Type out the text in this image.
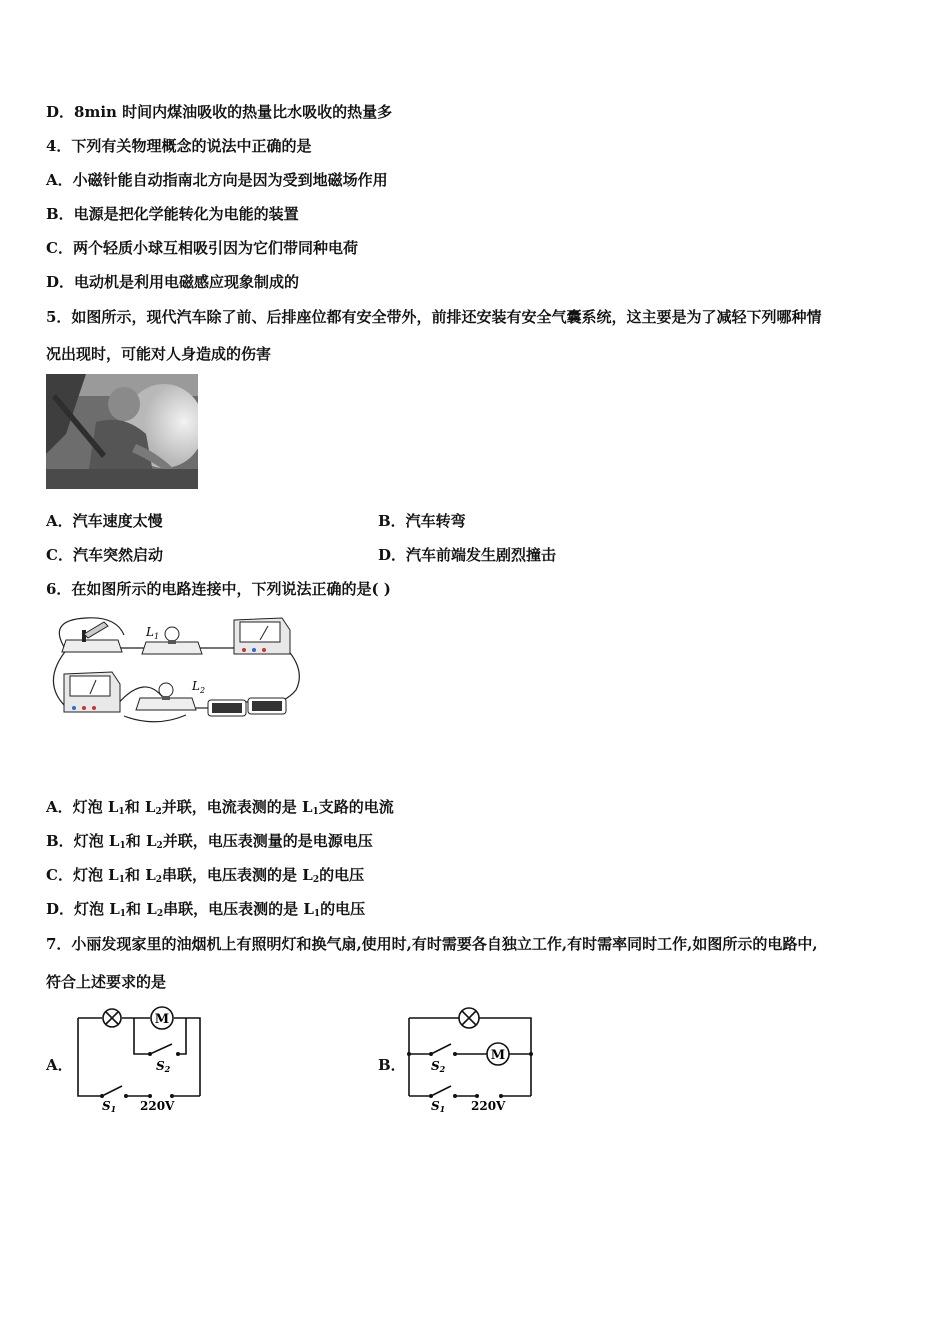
D．8min 时间内煤油吸收的热量比水吸收的热量多
4．下列有关物理概念的说法中正确的是
A．小磁针能自动指南北方向是因为受到地磁场作用
B．电源是把化学能转化为电能的装置
C．两个轻质小球互相吸引因为它们带同种电荷
D．电动机是利用电磁感应现象制成的
5．如图所示，现代汽车除了前、后排座位都有安全带外，前排还安装有安全气囊系统，这主要是为了减轻下列哪种情
况出现时，可能对人身造成的伤害
A．汽车速度太慢	B．汽车转弯
C．汽车突然启动	D．汽车前端发生剧烈撞击
6．在如图所示的电路连接中，下列说法正确的是( )
$L_1$
$L_2$
A．灯泡 $L_1$和 $L_2$并联，电流表测的是 $L_1$支路的电流
B．灯泡 $L_1$和 $L_2$并联，电压表测量的是电源电压
C．灯泡 $L_1$和 $L_2$串联，电压表测的是 $L_2$的电压
D．灯泡 $L_1$和 $L_2$串联，电压表测的是 $L_1$的电压
7．小丽发现家里的油烟机上有照明灯和换气扇,使用时,有时需要各自独立工作,有时需率同时工作,如图所示的电路中,
符合上述要求的是
A．
M
S2
S1 220V
B．
M
S2
S1 220V
